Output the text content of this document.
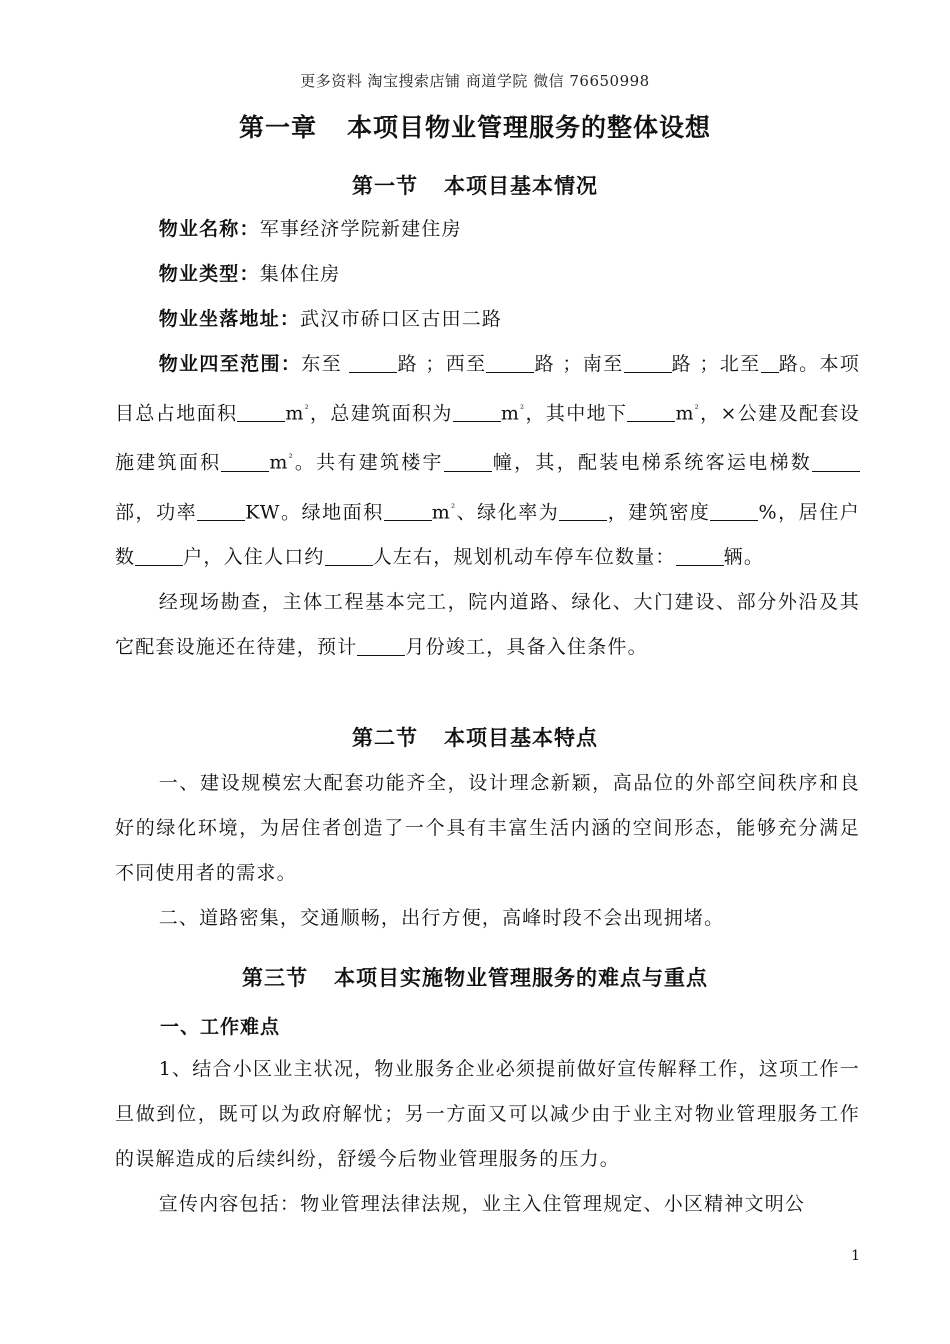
更多资料 淘宝搜索店铺 商道学院 微信 76650998
第一章 本项目物业管理服务的整体设想
第一节 本项目基本情况

物业名称：军事经济学院新建住房

物业类型：集体住房

物业坐落地址：武汉市硚口区古田二路

物业四至范围：东至	路 ；西至	路 ；南至	路 ；北至 路。本项目总占地面积	$m^{^2}$，总建筑面积为	$m^{^2}$，其中地下	$m^{^2}$，×公建及配套设施建筑面积	$m^{^2}$。共有建筑楼宇	幢，其，配装电梯系统客运电梯数部，功率	KW。绿地面积	$m^{^2}$、绿化率为	，建筑密度	%，居住户数	户，入住人口约	人左右，规划机动车停车位数量：	辆。

经现场勘查，主体工程基本完工，院内道路、绿化、大门建设、部分外沿及其它配套设施还在待建，预计	月份竣工，具备入住条件。

第二节 本项目基本特点

一、建设规模宏大配套功能齐全，设计理念新颖，高品位的外部空间秩序和良好的绿化环境，为居住者创造了一个具有丰富生活内涵的空间形态，能够充分满足不同使用者的需求。

二、道路密集，交通顺畅，出行方便，高峰时段不会出现拥堵。

第三节 本项目实施物业管理服务的难点与重点
一、工作难点

1、结合小区业主状况，物业服务企业必须提前做好宣传解释工作，这项工作一旦做到位，既可以为政府解忧；另一方面又可以减少由于业主对物业管理服务工作的误解造成的后续纠纷，舒缓今后物业管理服务的压力。

宣传内容包括：物业管理法律法规，业主入住管理规定、小区精神文明公

1
